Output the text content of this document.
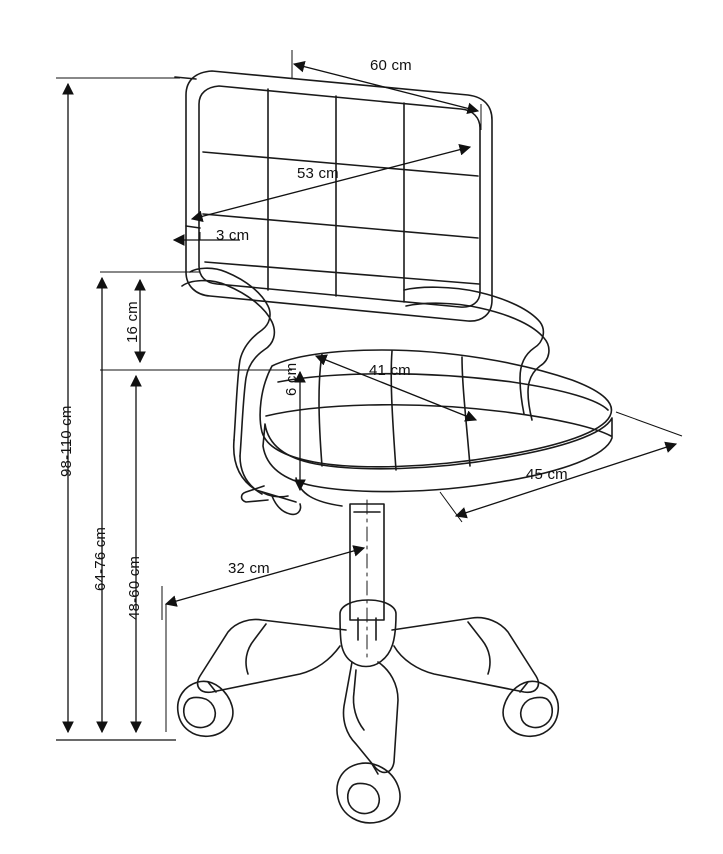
60 cm
53 cm
3 cm
16 cm
6 cm	41 cm
45 cm
32 cm
98-110 cm
64-76 cm 48-60 cm
